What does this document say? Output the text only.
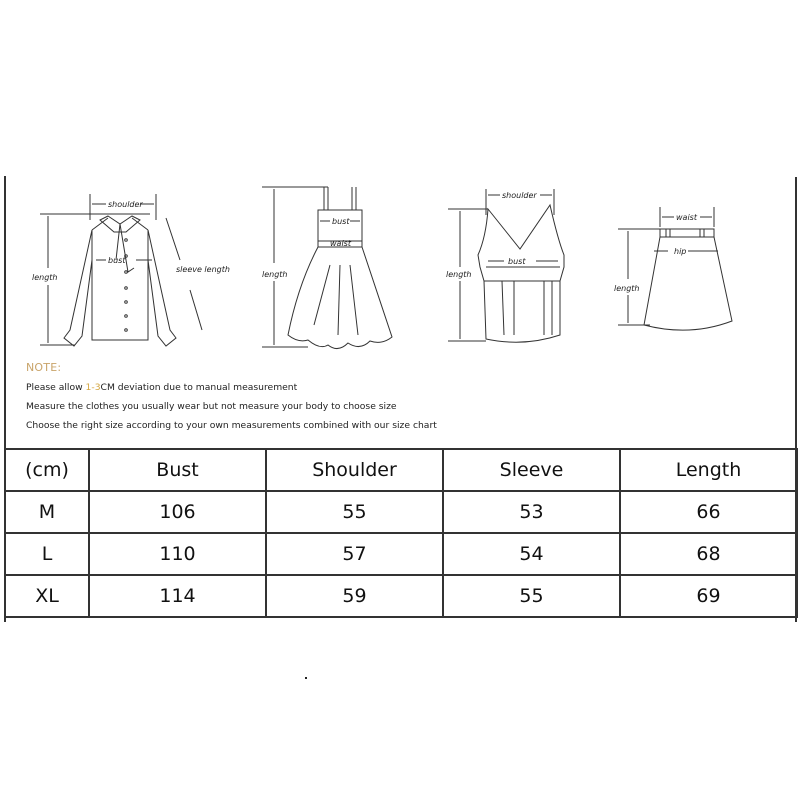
shoulder
length
bust
sleeve length
length
bust
waist
shoulder
length
bust
waist
length
hip
NOTE:
Please allow 1-3CM deviation due to manual measurement
Measure the clothes you usually wear but not measure your body to choose size
Choose the right size according to your own measurements combined with our size chart
(cm)	Bust	Shoulder	Sleeve	Length
M	106	55	53	66
L	110	57	54	68
XL	114	59	55	69
